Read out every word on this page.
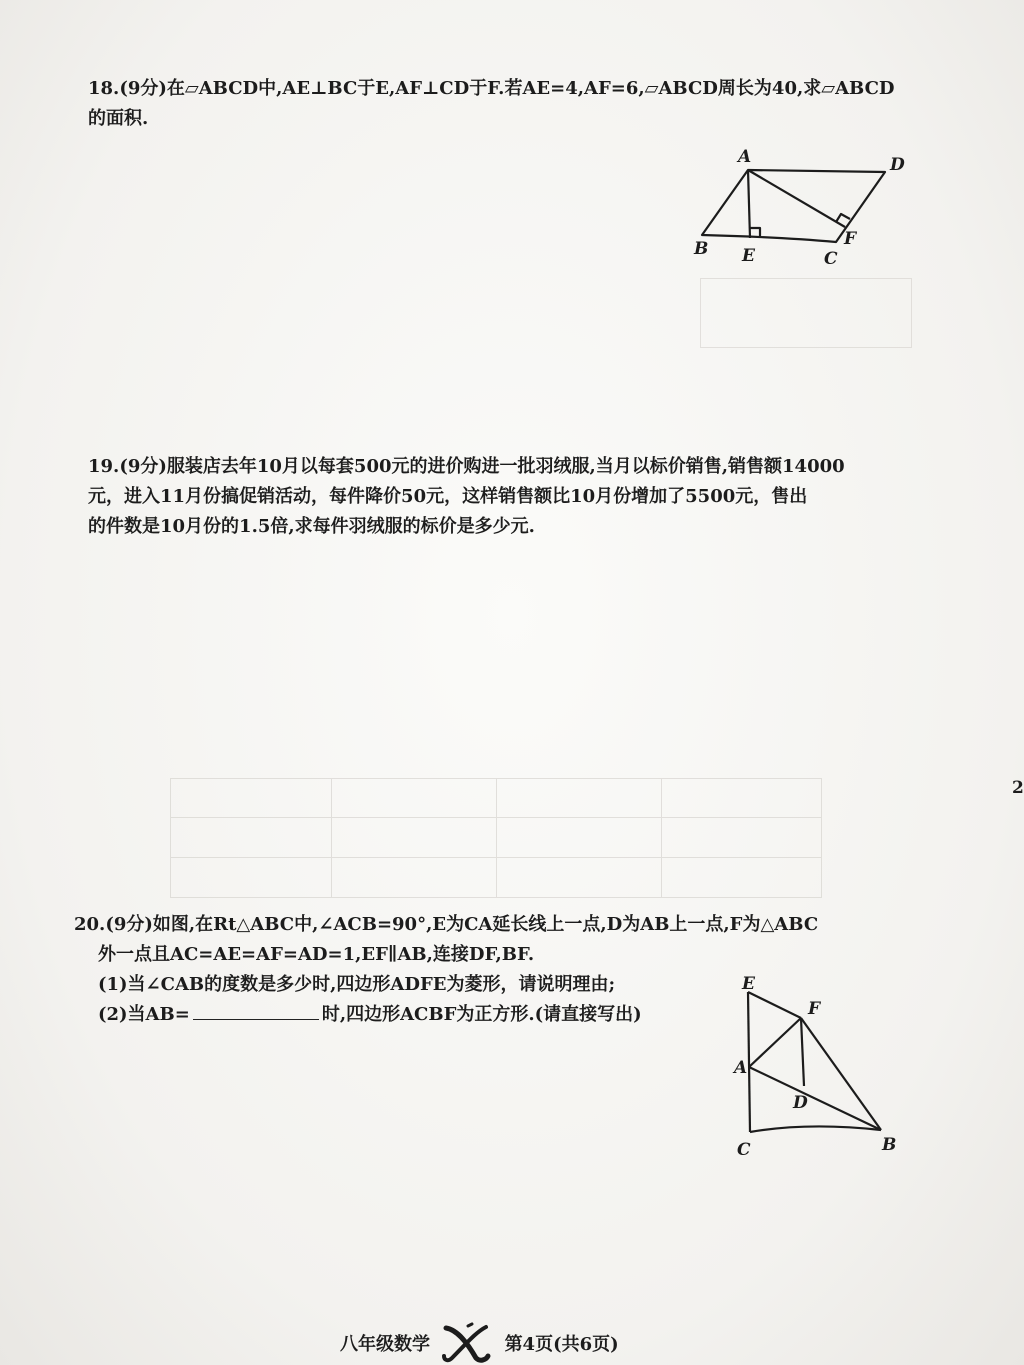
18.(9分)在▱ABCD中,AE⊥BC于E,AF⊥CD于F.若AE=4,AF=6,▱ABCD周长为40,求▱ABCD

的面积.

A	D
B E	C
F

19.(9分)服装店去年10月以每套500元的进价购进一批羽绒服,当月以标价销售,销售额14000

元，进入11月份搞促销活动，每件降价50元，这样销售额比10月份增加了5500元，售出

的件数是10月份的1.5倍,求每件羽绒服的标价是多少元.

20.(9分)如图,在Rt△ABC中,∠ACB=90°,E为CA延长线上一点,D为AB上一点,F为△ABC

外一点且AC=AE=AF=AD=1,EF∥AB,连接DF,BF.

(1)当∠CAB的度数是多少时,四边形ADFE为菱形，请说明理由;

(2)当AB=	时,四边形ACBF为正方形.(请直接写出)

E
F
A
D
C	B
2
八年级数学	第4页(共6页)
